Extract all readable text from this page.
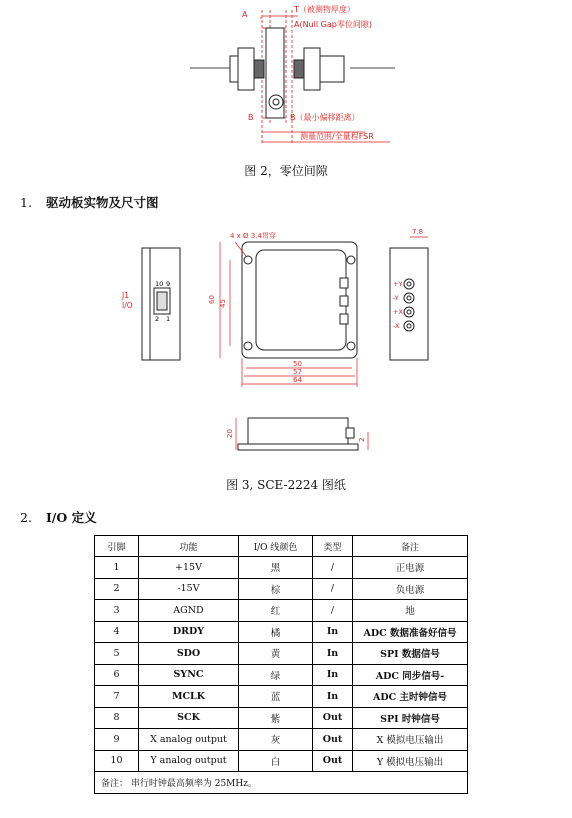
A
T（被测物厚度）
A(Null Gap零位间隙)
B	B（最小偏移距离）
测量范围/全量程FSR
图 2，零位间隙
1. 驱动板实物及尺寸图
4 x Ø 3.4贯穿	7.8
60 45
50
57
64
20
2
J1
I/O
10 9
2 1
+Y
-Y
+X
-X
图 3, SCE-2224 图纸
2. I/O 定义
引脚	功能	I/O 线颜色	类型	备注
1	+15V	黑	/	正电源
2	-15V	棕	/	负电源
3	AGND	红	/	地
4	DRDY	橘	In	ADC 数据准备好信号
5	SDO	黄	In	SPI 数据信号
6	SYNC	绿	In	ADC 同步信号-
7	MCLK	蓝	In	ADC 主时钟信号
8	SCK	紫	Out	SPI 时钟信号
9	X analog output	灰	Out	X 模拟电压输出
10	Y analog output	白	Out	Y 模拟电压输出
备注： 串行时钟最高频率为 25MHz。				
